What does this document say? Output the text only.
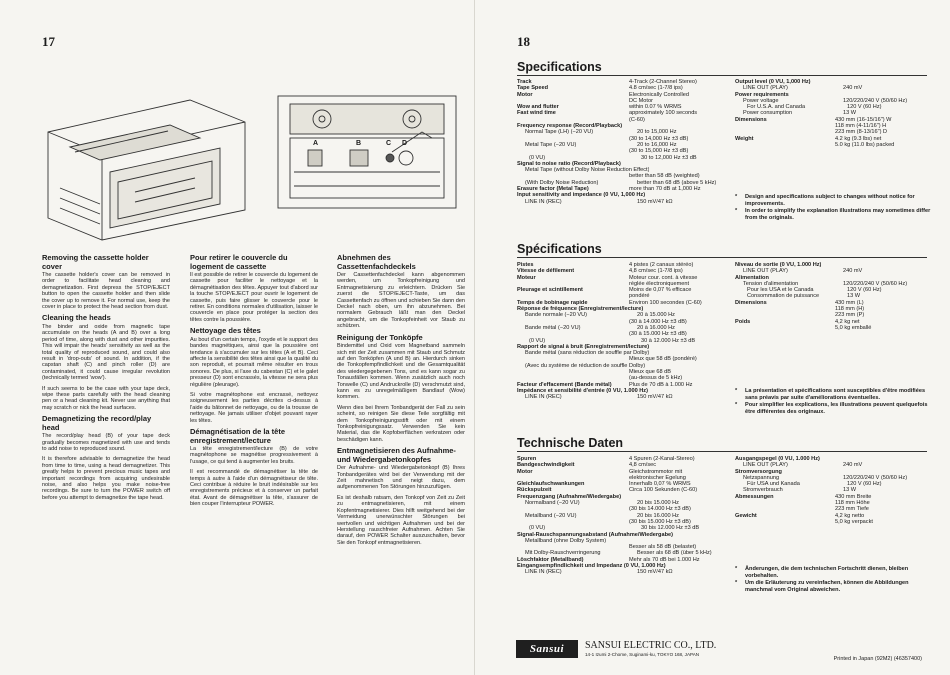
17
A	B	C D
Removing the cassette holder cover

The cassette holder's cover can be removed in order to facilitate head cleaning and demagnetization. First depress the STOP/EJECT button to open the cassette holder and then slide the cover up to remove it. For normal use, keep the cover in place to protect the head section from dust.

Cleaning the heads

The binder and oxide from magnetic tape accumulate on the heads (A and B) over a long period of time, along with dust and other impurities. This will impair the heads' sensitivity as well as the total quality of reproduced sound, and could also result in 'drop-outs' of sound. In addition, if the capstan shaft (C) and pinch roller (D) are contaminated, it could cause irregular revolution (technically termed 'wow').

If such seems to be the case with your tape deck, wipe these parts carefully with the head cleaning pen or a head cleaning kit. Never use anything that may scratch or nick the head surfaces.

Demagnetizing the record/play head

The record/play head (B) of your tape deck gradually becomes magnetized with use and tends to add noise to reproduced sound.

It is therefore advisable to demagnetize the head from time to time, using a head demagnetizer. This greatly helps to prevent precious music tapes and important recordings from acquiring undesirable noise, and also helps you make noise-free recordings. Be sure to turn the POWER switch off before you attempt to demagnetize the tape head.

Pour retirer le couvercle du logement de cassette

Il est possible de retirer le couvercle du logement de cassette pour faciliter le nettoyage et la démagnétisation des têtes. Appuyer tout d'abord sur la touche STOP/EJECT pour ouvrir le logement de cassette, puis faire glisser le couvercle pour le retirer. En conditions normales d'utilisation, laisser le couvercle en place pour protéger la section des têtes contre la poussière.

Nettoyage des têtes

Au bout d'un certain temps, l'oxyde et le support des bandes magnétiques, ainsi que la poussière ont tendance à s'accumuler sur les têtes (A et B). Ceci affecte la sensibilité des têtes ainsi que la qualité du son reproduit, et pourrait même résulter en trous sonores. De plus, si l'axe du cabestan (C) et le galet presseur (D) sont encrassés, la vitesse ne sera plus régulière (pleurage).

Si votre magnétophone est encrassé, nettoyez soigneusement les parties décrites ci-dessus à l'aide du bâtonnet de nettoyage, ou de la trousse de nettoyage. Ne jamais utiliser d'objet pouvant rayer les têtes.

Démagnétisation de la tête enregistrement/lecture

La tête enregistrement/lecture (B) de votre magnétophone se magnétise progressivement à l'usage, ce qui tend à augmenter les bruits.

Il est recommandé de démagnétiser la tête de temps à autre à l'aide d'un démagnétiseur de tête. Ceci contribue à réduire le bruit indésirable sur les enregistrements précieux et à conserver un parfait état. Avant de démagnétiser la tête, s'assurer de bien couper l'interrupteur POWER.

Abnehmen des Cassettenfachdeckels

Der Cassettenfachdeckel kann abgenommen werden, um Tonkopfreinigung und Entmagnetisierung zu erleichtern. Drücken Sie zuerst die STOP/EJECT-Taste, um das Cassettenfach zu öffnen und schieben Sie dann den Deckel nach oben, um ihn abzunehmen. Bei normalem Gebrauch läßt man den Deckel angebracht, um die Tonkopfeinheit vor Staub zu schützen.

Reinigung der Tonköpfe

Bindemittel und Oxid vom Magnetband sammeln sich mit der Zeit zusammen mit Staub und Schmutz auf den Tonköpfen (A und B) an. Hierdurch sinken die Tonkopfempfindlichkeit und die Gesamtqualität des wiedergegebenen Tons, und es kann sogar zu Tonausfällen kommen. Wenn zusätzlich auch noch Tonwelle (C) und Andruckrolle (D) verschmutzt sind, kann es zu unregelmäßigem Bandlauf (Wow) kommen.

Wenn dies bei Ihrem Tonbandgerät der Fall zu sein scheint, so reinigen Sie diese Teile sorgfältig mit dem Tonkopfreinigungsstift oder mit einem Tonkopfreinigungssatz. Verwenden Sie kein Material, das die Kopfoberflächen verkratzen oder beschädigen kann.

Entmagnetisieren des Aufnahme- und Wiedergabetonkopfes

Der Aufnahme- und Wiedergabetonkopf (B) Ihres Tonbandgerätes wird bei der Verwendung mit der Zeit mahnetisch und neigt dazu, dem aufgenommenen Ton Störungen hinzuzufügen.

Es ist deshalb ratsam, den Tonkopf von Zeit zu Zeit zu entmagnetisieren, mit einem Kopfentmagnetisierer. Dies hilft weitgehend bei der Vermeidung unerwünschter Störungen bei wertvollen und wichtigen Aufnahmen und bei der Herstellung rauschfreier Aufnahmen. Achten Sie darauf, den POWER Schalter auszuschalten, bevor Sie den Tonkopf entmagnetisieren.

18
Specifications
Track	4-Track (2-Channel Stereo)
Tape Speed	4.8 cm/sec (1-7/8 ips)
Motor	Electronically Controlled
DC Motor
Wow and flutter	within 0.07 % WRMS
Fast wind time	approximately 100 seconds
(C-60)
Frequency response (Record/Playback)
Normal Tape (LH) (−20 VU)	20 to 15,000 Hz
(30 to 14,000 Hz ±3 dB)
Metal Tape (−20 VU)	20 to 16,000 Hz
(30 to 15,000 Hz ±3 dB)
(0 VU)	30 to 12,000 Hz ±3 dB
Signal to noise ratio (Record/Playback)
Metal Tape (without Dolby Noise Reduction Effect)
better than 58 dB (weighted)
(With Dolby Noise Reduction)	better than 68 dB (above 5 kHz)
Erasure factor (Metal Tape)	more than 70 dB at 1,000 Hz
Input sensitivity and impedance (0 VU, 1,000 Hz)
LINE IN (REC)	150 mV/47 kΩ
Output level (0 VU, 1,000 Hz)
LINE OUT (PLAY)	240 mV
Power requirements
Power voltage	120/220/240 V (50/60 Hz)
For U.S.A. and Canada	120 V (60 Hz)
Power consumption	13 W
Dimensions	430 mm (16-15/16") W
118 mm (4-11/16") H
223 mm (8-13/16") D
Weight	4.2 kg (9.3 lbs) net
5.0 kg (11.0 lbs) packed
*	Design and specifications subject to changes without notice for improvements.
*	In order to simplify the explanation illustrations may sometimes differ from the originals.
Spécifications
Pistes	4 pistes (2 canaux stéréo)
Vitesse de défilement	4,8 cm/sec (1-7/8 ips)
Moteur	Moteur cour. cont. à vitesse
réglée électroniquement
Pleurage et scintillement	Moins de 0,07 % efficace
pondéré
Temps de bobinage rapide	Environ 100 secondes (C-60)
Réponse de fréquence (Enregistrement/lecture)
Bande normale (−20 VU)	20 à 15.000 Hz
(30 à 14.000 Hz ±3 dB)
Bande métal (−20 VU)	20 à 16.000 Hz
(30 à 15.000 Hz ±3 dB)
(0 VU)	30 à 12.000 Hz ±3 dB
Rapport de signal à bruit (Enregistrement/lecture)
Bande métal (sans réduction de souffle par Dolby)
Mieux que 58 dB (pondéré)
(Avec du système de réduction de souffle Dolby)
Mieux que 68 dB
(au-dessus de 5 kHz)
Facteur d'effacement (Bande métal)	Plus de 70 dB à 1.000 Hz
Impédance et sensibilité d'entrée (0 VU, 1.000 Hz)
LINE IN (REC)	150 mV/47 kΩ
Niveau de sortie (0 VU, 1.000 Hz)
LINE OUT (PLAY)	240 mV
Alimentation
Tension d'alimentation	120/220/240 V (50/60 Hz)
Pour les USA et le Canada	120 V (60 Hz)
Consommation de puissance	13 W
Dimensions	430 mm (L)
118 mm (H)
223 mm (P)
Poids	4,2 kg net
5,0 kg emballé
*	La présentation et spécifications sont susceptibles d'être modifiées sans préavis par suite d'améliorations éventuelles.
*	Pour simplifier les explications, les illustrations peuvent quelquefois être différentes des originaux.
Technische Daten
Spuren	4 Spuren (2-Kanal-Stereo)
Bandgeschwindigkeit	4,8 cm/sec
Motor	Gleichstrommotor mit
elektronischer Egelung
Gleichlaufschwankungen	Innerhalb 0,07 % WRMS
Rückspulzeit	Circa 100 Sekunden (C-60)
Frequenzgang (Aufnahme/Wiedergabe)
Normalband (−20 VU)	20 bis 15.000 Hz
(30 bis 14.000 Hz ±3 dB)
Metallband (−20 VU)	20 bis 16.000 Hz
(30 bis 15.000 Hz ±3 dB)
(0 VU)	30 bis 12.000 Hz ±3 dB
Signal-Rauschspannungsabstand (Aufnahme/Wiedergabe)
Metallband (ohne Dolby System)
Besser als 58 dB (belastet)
Mit Dolby-Rauschverringerung	Besser als 68 dB (über 5 kHz)
Löschfaktor (Metallband)	Mehr als 70 dB bei 1.000 Hz
Eingangsempfindlichkeit und Impedanz (0 VU, 1.000 Hz)
LINE IN (REC)	150 mV/47 kΩ
Ausgangspegel (0 VU, 1.000 Hz)
LINE OUT (PLAY)	240 mV
Stromversorgung
Netzspannung	120/220/240 V (50/60 Hz)
Für USA und Kanada	120 V (60 Hz)
Stromverbrauch	13 W
Abmessungen	430 mm Breite
118 mm Höhe
223 mm Tiefe
Gewicht	4,2 kg netto
5,0 kg verpackt
*	Änderungen, die dem technischen Fortschritt dienen, bleiben vorbehalten.
*	Um die Erläuterung zu vereinfachen, können die Abbildungen manchmal vom Original abweichen.
Sansui	SANSUI ELECTRIC CO., LTD.
14-1 Izumi 2-Chome, Suginami-ku, TOKYO 168, JAPAN
Printed in Japan (92M2) (46357400)
